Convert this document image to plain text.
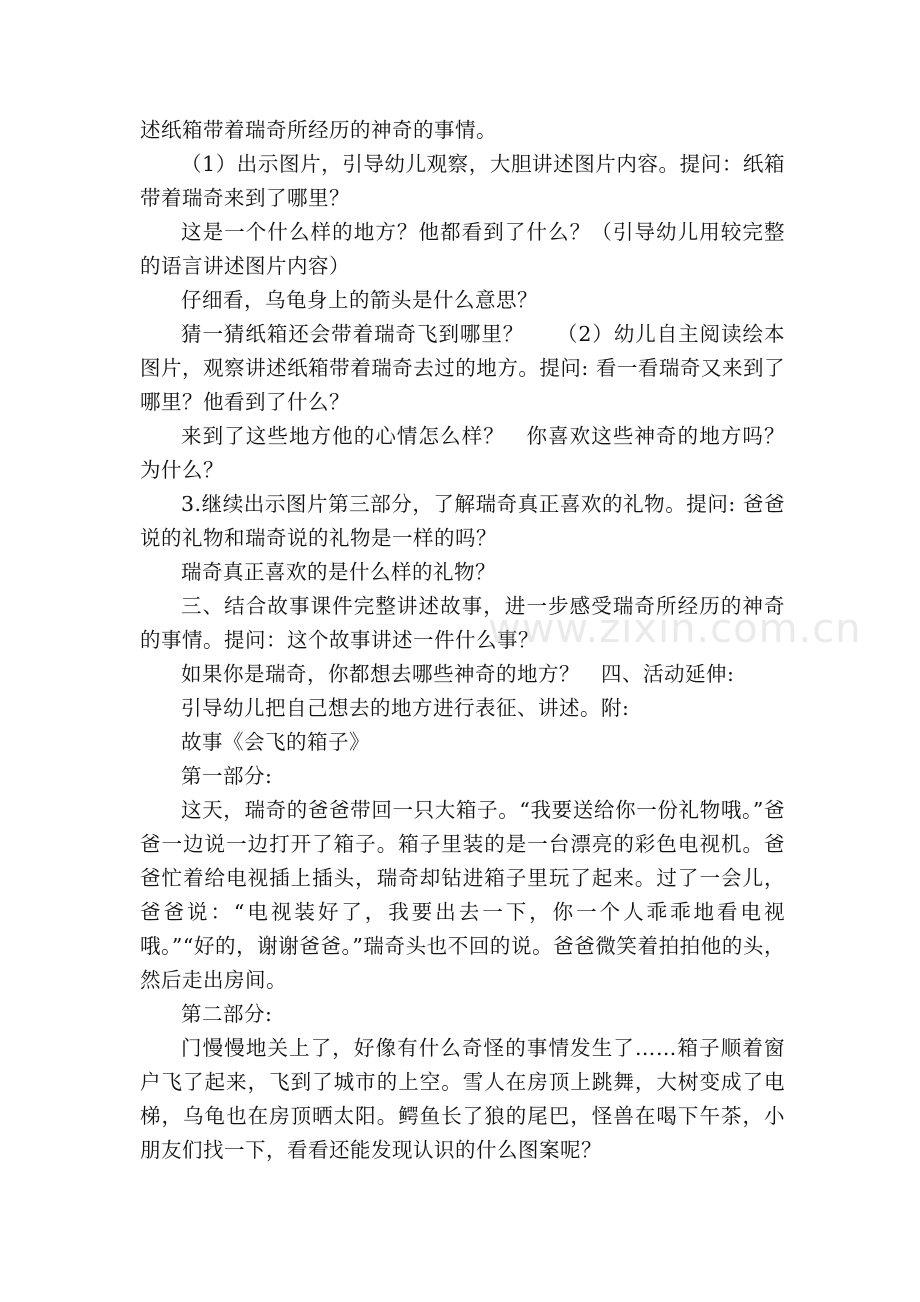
述纸箱带着瑞奇所经历的神奇的事情。

（1）出示图片，引导幼儿观察，大胆讲述图片内容。提问：纸箱带着瑞奇来到了哪里？

这是一个什么样的地方？他都看到了什么？（引导幼儿用较完整的语言讲述图片内容）

仔细看，乌龟身上的箭头是什么意思？

猜一猜纸箱还会带着瑞奇飞到哪里？　　（2）幼儿自主阅读绘本图片，观察讲述纸箱带着瑞奇去过的地方。提问: 看一看瑞奇又来到了哪里？他看到了什么？

来到了这些地方他的心情怎么样？　你喜欢这些神奇的地方吗？为什么？

3.继续出示图片第三部分，了解瑞奇真正喜欢的礼物。提问: 爸爸说的礼物和瑞奇说的礼物是一样的吗？

瑞奇真正喜欢的是什么样的礼物？

三、结合故事课件完整讲述故事，进一步感受瑞奇所经历的神奇的事情。提问：这个故事讲述一件什么事？

如果你是瑞奇，你都想去哪些神奇的地方？　四、活动延伸:

引导幼儿把自己想去的地方进行表征、讲述。附:

故事《会飞的箱子》

第一部分:

这天，瑞奇的爸爸带回一只大箱子。“我要送给你一份礼物哦。”爸爸一边说一边打开了箱子。箱子里装的是一台漂亮的彩色电视机。爸爸忙着给电视插上插头，瑞奇却钻进箱子里玩了起来。过了一会儿，爸爸说：“电视装好了，我要出去一下，你一个人乖乖地看电视哦。”“好的，谢谢爸爸。”瑞奇头也不回的说。爸爸微笑着拍拍他的头，然后走出房间。

第二部分:

门慢慢地关上了，好像有什么奇怪的事情发生了……箱子顺着窗户飞了起来，飞到了城市的上空。雪人在房顶上跳舞，大树变成了电梯，乌龟也在房顶晒太阳。鳄鱼长了狼的尾巴，怪兽在喝下午茶，小朋友们找一下，看看还能发现认识的什么图案呢？

www.zixin.com.cn
